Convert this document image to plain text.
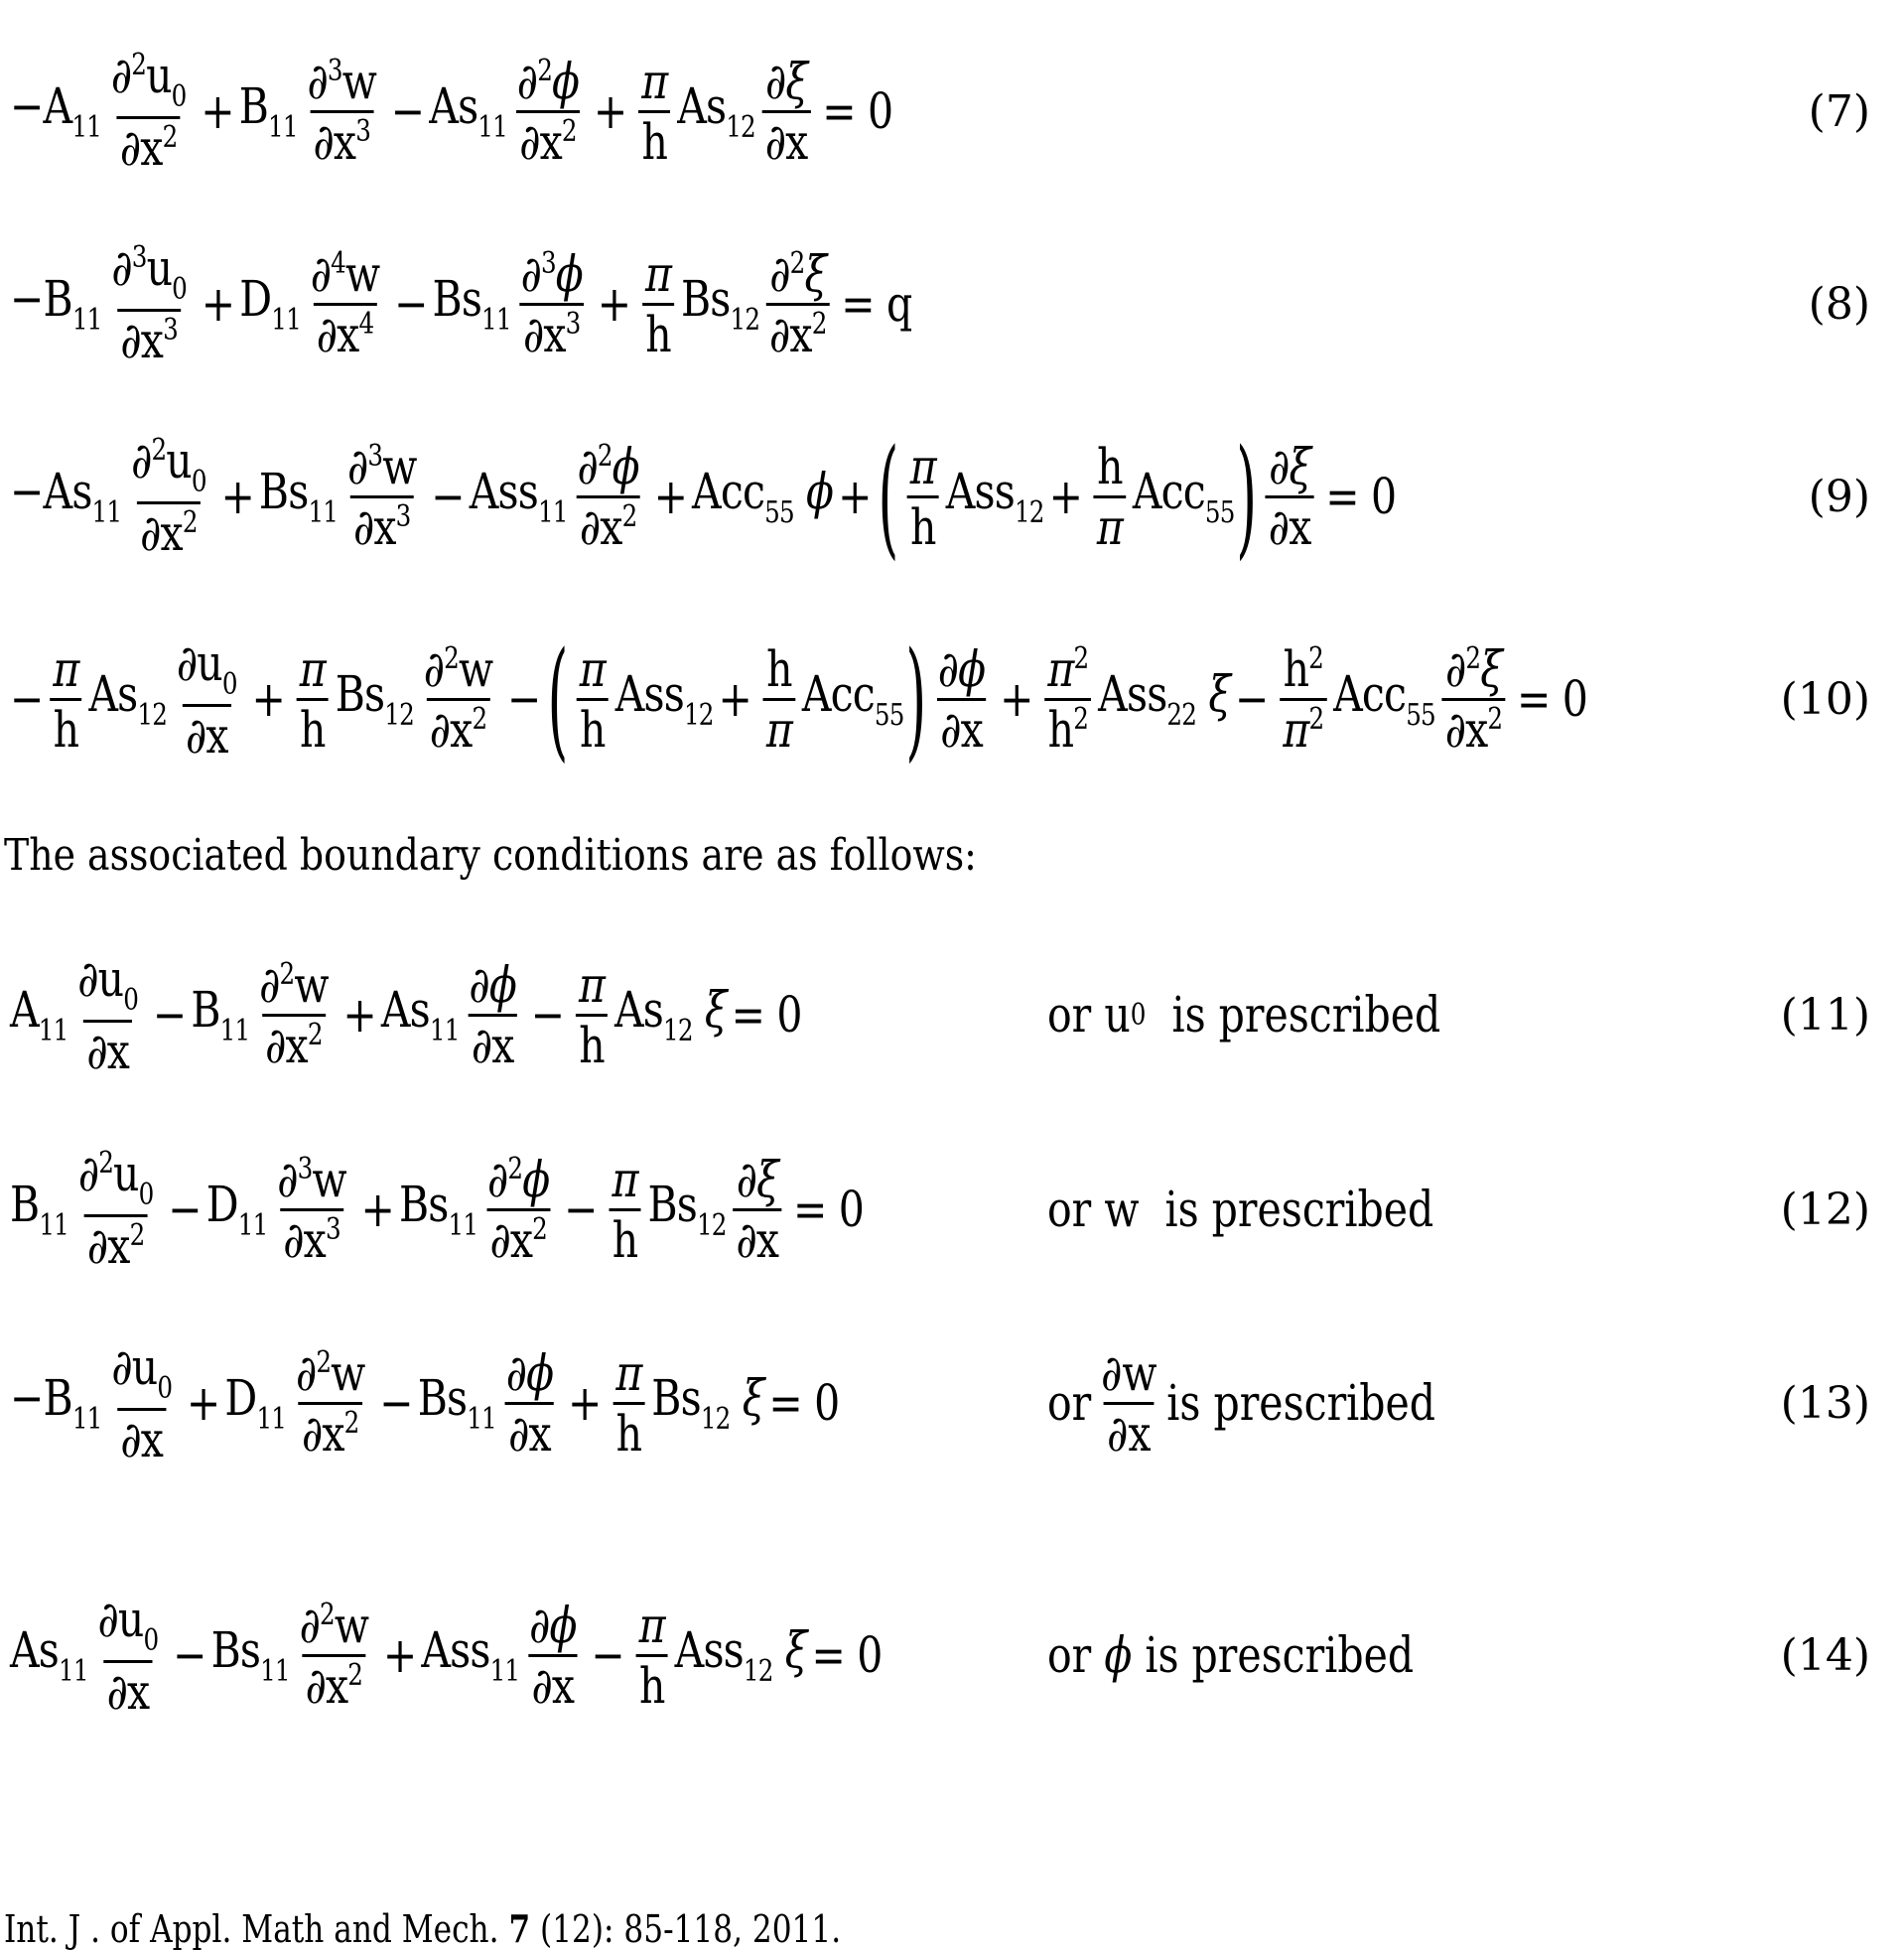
$-A_{11} \frac{\partial^2u_0}{\partial x^2} + B_{11} \frac{\partial^3w}{\partial x^3} - As_{11} \frac{\partial^2\phi}{\partial x^2} + \frac{\pi}{h} As_{12} \frac{\partial\xi}{\partial x} = 0$	(7)
$-B_{11} \frac{\partial^3u_0}{\partial x^3} + D_{11} \frac{\partial^4w}{\partial x^4} - Bs_{11} \frac{\partial^3\phi}{\partial x^3} + \frac{\pi}{h} Bs_{12} \frac{\partial^2\xi}{\partial x^2} = q$	(8)
$-As_{11} \frac{\partial^2u_0}{\partial x^2} + Bs_{11} \frac{\partial^3w}{\partial x^3} - Ass_{11} \frac{\partial^2\phi}{\partial x^2} + Acc_{55}$ ϕ + ( $\frac{\pi}{h} Ass_{12} + \frac{h}{\pi} Acc_{55}$ ) $\frac{\partial\xi}{\partial x} = 0$	(9)
− $\frac{\pi}{h} As_{12} \frac{\partial u_0}{\partial x} + \frac{\pi}{h} Bs_{12} \frac{\partial^2w}{\partial x^2}$ − ( $\frac{\pi}{h} Ass_{12} + \frac{h}{\pi} Acc_{55}$ ) $\frac{\partial\phi}{\partial x} + \frac{\pi^2}{h^2} Ass_{22}$ $\xi - \frac{h^2}{\pi^2} Acc_{55} \frac{\partial^2\xi}{\partial x^2} = 0$	(10)
The associated boundary conditions are as follows:
$A_{11} \frac{\partial u_0}{\partial x} - B_{11} \frac{\partial^2w}{\partial x^2} + As_{11} \frac{\partial\phi}{\partial x} - \frac{\pi}{h} As_{12}$ ξ = 0	or u 0
is prescribed	(11)
$B_{11} \frac{\partial^2u_0}{\partial x^2} - D_{11} \frac{\partial^3w}{\partial x^3} + Bs_{11} \frac{\partial^2\phi}{\partial x^2} - \frac{\pi}{h} Bs_{12} \frac{\partial\xi}{\partial x} = 0$	or w is prescribed	(12)
$-B_{11} \frac{\partial u_0}{\partial x} + D_{11} \frac{\partial^2w}{\partial x^2} - Bs_{11} \frac{\partial\phi}{\partial x} + \frac{\pi}{h} Bs_{12}$ ξ = 0	or $\frac{\partial w}{\partial x}$ is prescribed	(13)
$As_{11} \frac{\partial u_0}{\partial x} - Bs_{11} \frac{\partial^2w}{\partial x^2} + Ass_{11} \frac{\partial\phi}{\partial x} - \frac{\pi}{h} Ass_{12}$ ξ = 0	or
ϕ
is prescribed	(14)
Int. J . of Appl. Math and Mech. 7 (12): 85-118, 2011.
